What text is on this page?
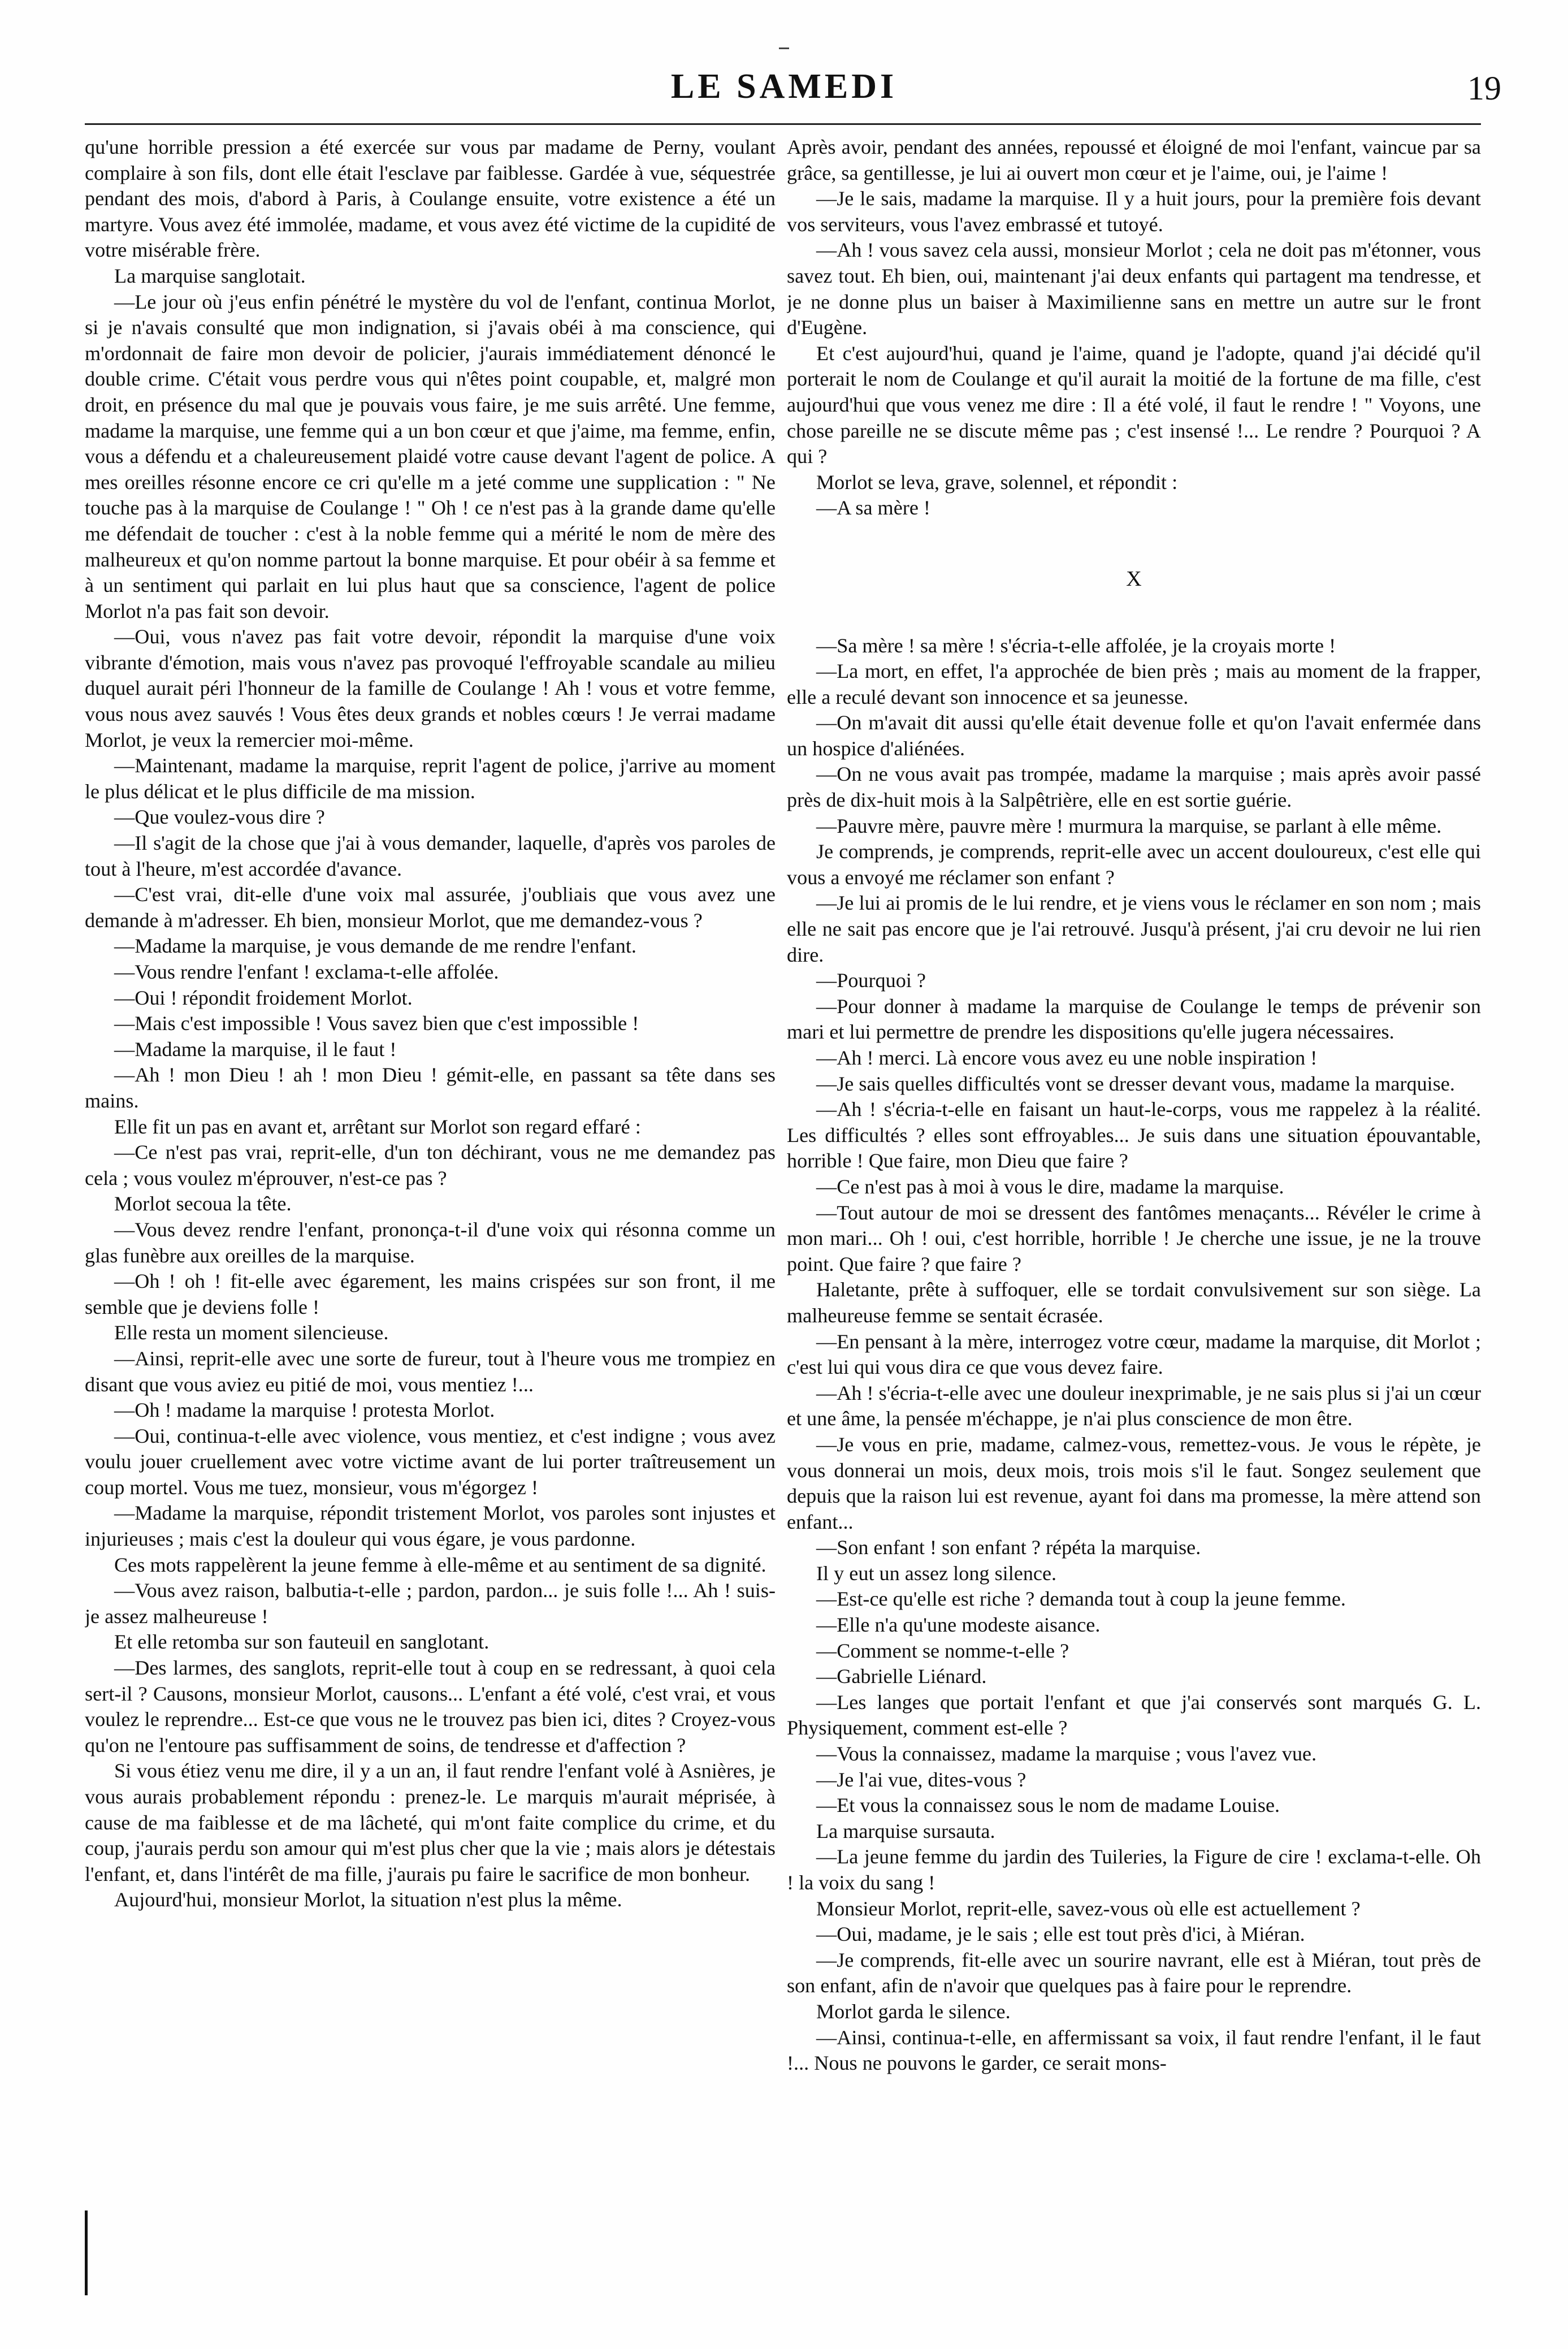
LE SAMEDI	19

qu'une horrible pression a été exercée sur vous par madame de Perny, voulant complaire à son fils, dont elle était l'esclave par faiblesse. Gardée à vue, séquestrée pendant des mois, d'abord à Paris, à Coulange ensuite, votre existence a été un martyre. Vous avez été immolée, madame, et vous avez été victime de la cupidité de votre misérable frère.

La marquise sanglotait.

—Le jour où j'eus enfin pénétré le mystère du vol de l'enfant, continua Morlot, si je n'avais consulté que mon indignation, si j'avais obéi à ma conscience, qui m'ordonnait de faire mon devoir de policier, j'aurais immédiatement dénoncé le double crime. C'était vous perdre vous qui n'êtes point coupable, et, malgré mon droit, en présence du mal que je pouvais vous faire, je me suis arrêté. Une femme, madame la marquise, une femme qui a un bon cœur et que j'aime, ma femme, enfin, vous a défendu et a chaleureusement plaidé votre cause devant l'agent de police. A mes oreilles résonne encore ce cri qu'elle m a jeté comme une supplication : " Ne touche pas à la marquise de Coulange ! " Oh ! ce n'est pas à la grande dame qu'elle me défendait de toucher : c'est à la noble femme qui a mérité le nom de mère des malheureux et qu'on nomme partout la bonne marquise. Et pour obéir à sa femme et à un sentiment qui parlait en lui plus haut que sa conscience, l'agent de police Morlot n'a pas fait son devoir.

—Oui, vous n'avez pas fait votre devoir, répondit la marquise d'une voix vibrante d'émotion, mais vous n'avez pas provoqué l'effroyable scandale au milieu duquel aurait péri l'honneur de la famille de Coulange ! Ah ! vous et votre femme, vous nous avez sauvés ! Vous êtes deux grands et nobles cœurs ! Je verrai madame Morlot, je veux la remercier moi-même.

—Maintenant, madame la marquise, reprit l'agent de police, j'arrive au moment le plus délicat et le plus difficile de ma mission.

—Que voulez-vous dire ?

—Il s'agit de la chose que j'ai à vous demander, laquelle, d'après vos paroles de tout à l'heure, m'est accordée d'avance.

—C'est vrai, dit-elle d'une voix mal assurée, j'oubliais que vous avez une demande à m'adresser. Eh bien, monsieur Morlot, que me demandez-vous ?

—Madame la marquise, je vous demande de me rendre l'enfant.

—Vous rendre l'enfant ! exclama-t-elle affolée.

—Oui ! répondit froidement Morlot.

—Mais c'est impossible ! Vous savez bien que c'est impossible !

—Madame la marquise, il le faut !

—Ah ! mon Dieu ! ah ! mon Dieu ! gémit-elle, en passant sa tête dans ses mains.

Elle fit un pas en avant et, arrêtant sur Morlot son regard effaré :

—Ce n'est pas vrai, reprit-elle, d'un ton déchirant, vous ne me demandez pas cela ; vous voulez m'éprouver, n'est-ce pas ?

Morlot secoua la tête.

—Vous devez rendre l'enfant, prononça-t-il d'une voix qui résonna comme un glas funèbre aux oreilles de la marquise.

—Oh ! oh ! fit-elle avec égarement, les mains crispées sur son front, il me semble que je deviens folle !

Elle resta un moment silencieuse.

—Ainsi, reprit-elle avec une sorte de fureur, tout à l'heure vous me trompiez en disant que vous aviez eu pitié de moi, vous mentiez !...

—Oh ! madame la marquise ! protesta Morlot.

—Oui, continua-t-elle avec violence, vous mentiez, et c'est indigne ; vous avez voulu jouer cruellement avec votre victime avant de lui porter traîtreusement un coup mortel. Vous me tuez, monsieur, vous m'égorgez !

—Madame la marquise, répondit tristement Morlot, vos paroles sont injustes et injurieuses ; mais c'est la douleur qui vous égare, je vous pardonne.

Ces mots rappelèrent la jeune femme à elle-même et au sentiment de sa dignité.

—Vous avez raison, balbutia-t-elle ; pardon, pardon... je suis folle !... Ah ! suis-je assez malheureuse !

Et elle retomba sur son fauteuil en sanglotant.

—Des larmes, des sanglots, reprit-elle tout à coup en se redressant, à quoi cela sert-il ? Causons, monsieur Morlot, causons... L'enfant a été volé, c'est vrai, et vous voulez le reprendre... Est-ce que vous ne le trouvez pas bien ici, dites ? Croyez-vous qu'on ne l'entoure pas suffisamment de soins, de tendresse et d'affection ?

Si vous étiez venu me dire, il y a un an, il faut rendre l'enfant volé à Asnières, je vous aurais probablement répondu : prenez-le. Le marquis m'aurait méprisée, à cause de ma faiblesse et de ma lâcheté, qui m'ont faite complice du crime, et du coup, j'aurais perdu son amour qui m'est plus cher que la vie ; mais alors je détestais l'enfant, et, dans l'intérêt de ma fille, j'aurais pu faire le sacrifice de mon bonheur.

Aujourd'hui, monsieur Morlot, la situation n'est plus la même.

Après avoir, pendant des années, repoussé et éloigné de moi l'enfant, vaincue par sa grâce, sa gentillesse, je lui ai ouvert mon cœur et je l'aime, oui, je l'aime !

—Je le sais, madame la marquise. Il y a huit jours, pour la première fois devant vos serviteurs, vous l'avez embrassé et tutoyé.

—Ah ! vous savez cela aussi, monsieur Morlot ; cela ne doit pas m'étonner, vous savez tout. Eh bien, oui, maintenant j'ai deux enfants qui partagent ma tendresse, et je ne donne plus un baiser à Maximilienne sans en mettre un autre sur le front d'Eugène.

Et c'est aujourd'hui, quand je l'aime, quand je l'adopte, quand j'ai décidé qu'il porterait le nom de Coulange et qu'il aurait la moitié de la fortune de ma fille, c'est aujourd'hui que vous venez me dire : Il a été volé, il faut le rendre ! " Voyons, une chose pareille ne se discute même pas ; c'est insensé !... Le rendre ? Pourquoi ? A qui ?

Morlot se leva, grave, solennel, et répondit :

—A sa mère !

X

—Sa mère ! sa mère ! s'écria-t-elle affolée, je la croyais morte !

—La mort, en effet, l'a approchée de bien près ; mais au moment de la frapper, elle a reculé devant son innocence et sa jeunesse.

—On m'avait dit aussi qu'elle était devenue folle et qu'on l'avait enfermée dans un hospice d'aliénées.

—On ne vous avait pas trompée, madame la marquise ; mais après avoir passé près de dix-huit mois à la Salpêtrière, elle en est sortie guérie.

—Pauvre mère, pauvre mère ! murmura la marquise, se parlant à elle même.

Je comprends, je comprends, reprit-elle avec un accent douloureux, c'est elle qui vous a envoyé me réclamer son enfant ?

—Je lui ai promis de le lui rendre, et je viens vous le réclamer en son nom ; mais elle ne sait pas encore que je l'ai retrouvé. Jusqu'à présent, j'ai cru devoir ne lui rien dire.

—Pourquoi ?

—Pour donner à madame la marquise de Coulange le temps de prévenir son mari et lui permettre de prendre les dispositions qu'elle jugera nécessaires.

—Ah ! merci. Là encore vous avez eu une noble inspiration !

—Je sais quelles difficultés vont se dresser devant vous, madame la marquise.

—Ah ! s'écria-t-elle en faisant un haut-le-corps, vous me rappelez à la réalité. Les difficultés ? elles sont effroyables... Je suis dans une situation épouvantable, horrible ! Que faire, mon Dieu que faire ?

—Ce n'est pas à moi à vous le dire, madame la marquise.

—Tout autour de moi se dressent des fantômes menaçants... Révéler le crime à mon mari... Oh ! oui, c'est horrible, horrible ! Je cherche une issue, je ne la trouve point. Que faire ? que faire ?

Haletante, prête à suffoquer, elle se tordait convulsivement sur son siège. La malheureuse femme se sentait écrasée.

—En pensant à la mère, interrogez votre cœur, madame la marquise, dit Morlot ; c'est lui qui vous dira ce que vous devez faire.

—Ah ! s'écria-t-elle avec une douleur inexprimable, je ne sais plus si j'ai un cœur et une âme, la pensée m'échappe, je n'ai plus conscience de mon être.

—Je vous en prie, madame, calmez-vous, remettez-vous. Je vous le répète, je vous donnerai un mois, deux mois, trois mois s'il le faut. Songez seulement que depuis que la raison lui est revenue, ayant foi dans ma promesse, la mère attend son enfant...

—Son enfant ! son enfant ? répéta la marquise.

Il y eut un assez long silence.

—Est-ce qu'elle est riche ? demanda tout à coup la jeune femme.

—Elle n'a qu'une modeste aisance.

—Comment se nomme-t-elle ?

—Gabrielle Liénard.

—Les langes que portait l'enfant et que j'ai conservés sont marqués G. L. Physiquement, comment est-elle ?

—Vous la connaissez, madame la marquise ; vous l'avez vue.

—Je l'ai vue, dites-vous ?

—Et vous la connaissez sous le nom de madame Louise.

La marquise sursauta.

—La jeune femme du jardin des Tuileries, la Figure de cire ! exclama-t-elle. Oh ! la voix du sang !

Monsieur Morlot, reprit-elle, savez-vous où elle est actuellement ?

—Oui, madame, je le sais ; elle est tout près d'ici, à Miéran.

—Je comprends, fit-elle avec un sourire navrant, elle est à Miéran, tout près de son enfant, afin de n'avoir que quelques pas à faire pour le reprendre.

Morlot garda le silence.

—Ainsi, continua-t-elle, en affermissant sa voix, il faut rendre l'enfant, il le faut !... Nous ne pouvons le garder, ce serait mons-
